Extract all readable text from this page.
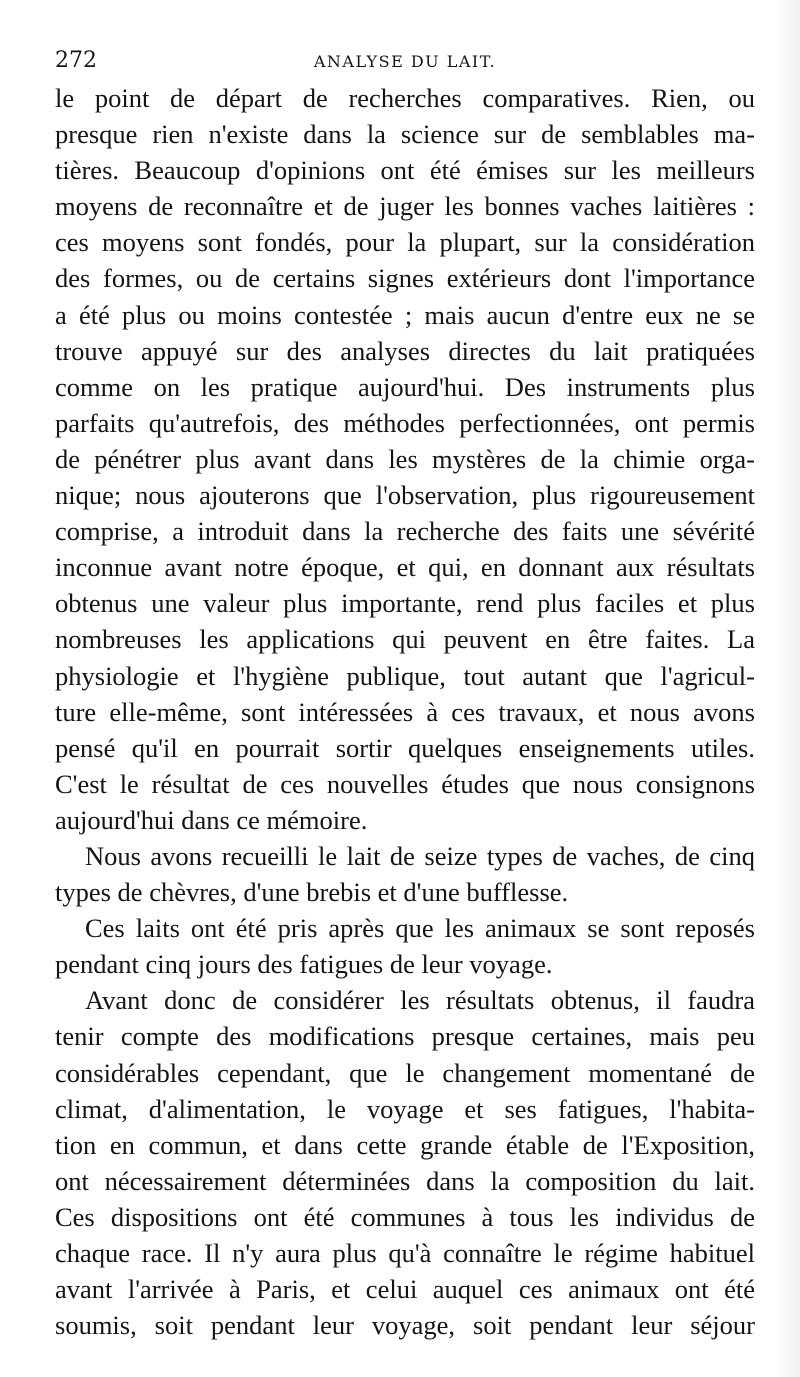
272	ANALYSE DU LAIT.
le point de départ de recherches comparatives. Rien, ou
presque rien n'existe dans la science sur de semblables ma-
tières. Beaucoup d'opinions ont été émises sur les meilleurs
moyens de reconnaître et de juger les bonnes vaches laitières :
ces moyens sont fondés, pour la plupart, sur la considération
des formes, ou de certains signes extérieurs dont l'importance
a été plus ou moins contestée ; mais aucun d'entre eux ne se
trouve appuyé sur des analyses directes du lait pratiquées
comme on les pratique aujourd'hui. Des instruments plus
parfaits qu'autrefois, des méthodes perfectionnées, ont permis
de pénétrer plus avant dans les mystères de la chimie orga-
nique; nous ajouterons que l'observation, plus rigoureusement
comprise, a introduit dans la recherche des faits une sévérité
inconnue avant notre époque, et qui, en donnant aux résultats
obtenus une valeur plus importante, rend plus faciles et plus
nombreuses les applications qui peuvent en être faites. La
physiologie et l'hygiène publique, tout autant que l'agricul-
ture elle-même, sont intéressées à ces travaux, et nous avons
pensé qu'il en pourrait sortir quelques enseignements utiles.
C'est le résultat de ces nouvelles études que nous consignons
aujourd'hui dans ce mémoire.
Nous avons recueilli le lait de seize types de vaches, de cinq
types de chèvres, d'une brebis et d'une bufflesse.
Ces laits ont été pris après que les animaux se sont reposés
pendant cinq jours des fatigues de leur voyage.
Avant donc de considérer les résultats obtenus, il faudra
tenir compte des modifications presque certaines, mais peu
considérables cependant, que le changement momentané de
climat, d'alimentation, le voyage et ses fatigues, l'habita-
tion en commun, et dans cette grande étable de l'Exposition,
ont nécessairement déterminées dans la composition du lait.
Ces dispositions ont été communes à tous les individus de
chaque race. Il n'y aura plus qu'à connaître le régime habituel
avant l'arrivée à Paris, et celui auquel ces animaux ont été
soumis, soit pendant leur voyage, soit pendant leur séjour
